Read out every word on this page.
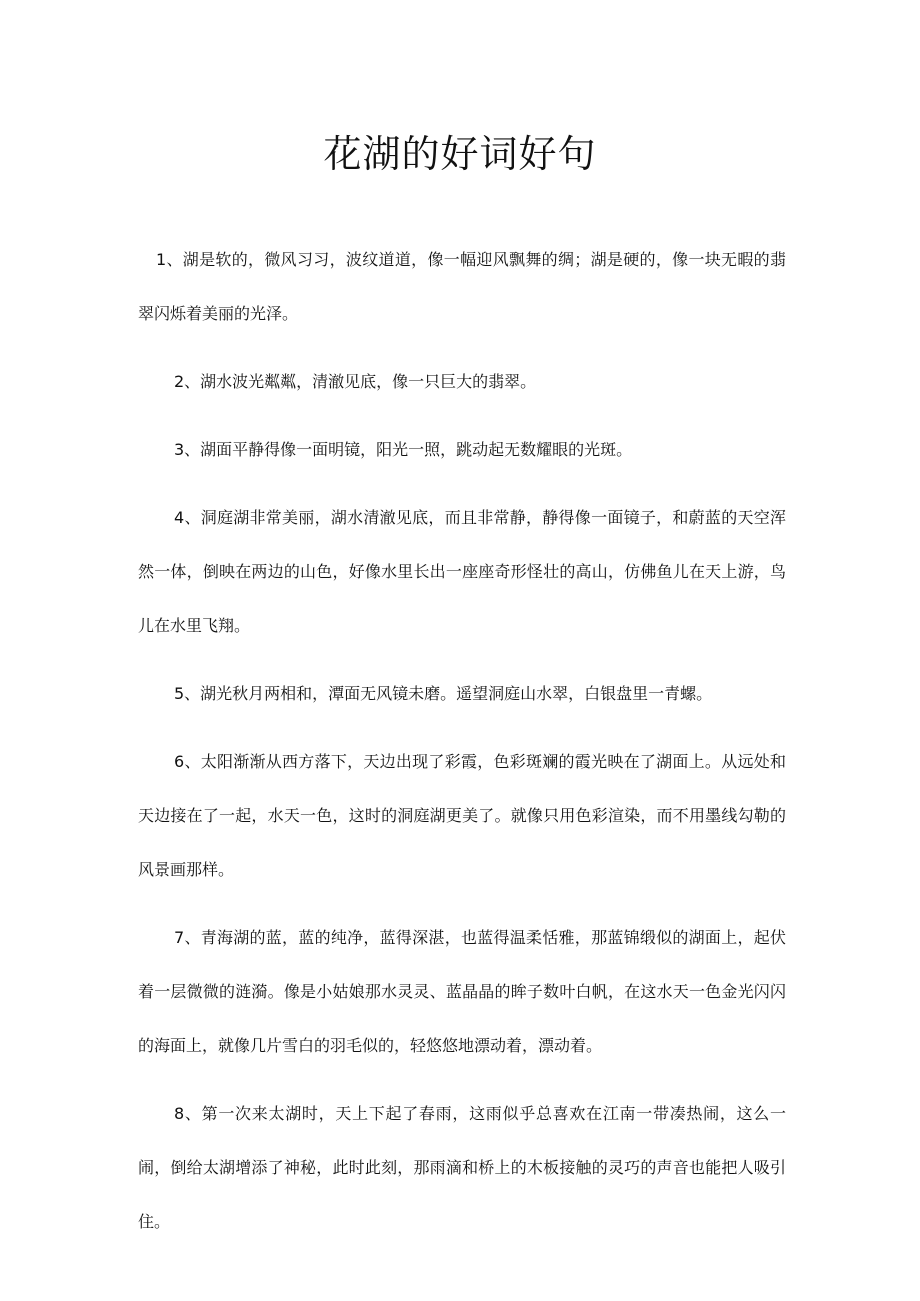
花湖的好词好句

1、湖是软的，微风习习，波纹道道，像一幅迎风飘舞的绸；湖是硬的，像一块无暇的翡翠闪烁着美丽的光泽。

2、湖水波光粼粼，清澈见底，像一只巨大的翡翠。

3、湖面平静得像一面明镜，阳光一照，跳动起无数耀眼的光斑。

4、洞庭湖非常美丽，湖水清澈见底，而且非常静，静得像一面镜子，和蔚蓝的天空浑然一体，倒映在两边的山色，好像水里长出一座座奇形怪壮的高山，仿佛鱼儿在天上游，鸟儿在水里飞翔。

5、湖光秋月两相和，潭面无风镜未磨。遥望洞庭山水翠，白银盘里一青螺。

6、太阳渐渐从西方落下，天边出现了彩霞，色彩斑斓的霞光映在了湖面上。从远处和天边接在了一起，水天一色，这时的洞庭湖更美了。就像只用色彩渲染，而不用墨线勾勒的风景画那样。

7、青海湖的蓝，蓝的纯净，蓝得深湛，也蓝得温柔恬雅，那蓝锦缎似的湖面上，起伏着一层微微的涟漪。像是小姑娘那水灵灵、蓝晶晶的眸子数叶白帆，在这水天一色金光闪闪的海面上，就像几片雪白的羽毛似的，轻悠悠地漂动着，漂动着。

8、第一次来太湖时，天上下起了春雨，这雨似乎总喜欢在江南一带凑热闹，这么一闹，倒给太湖增添了神秘，此时此刻，那雨滴和桥上的木板接触的灵巧的声音也能把人吸引住。
